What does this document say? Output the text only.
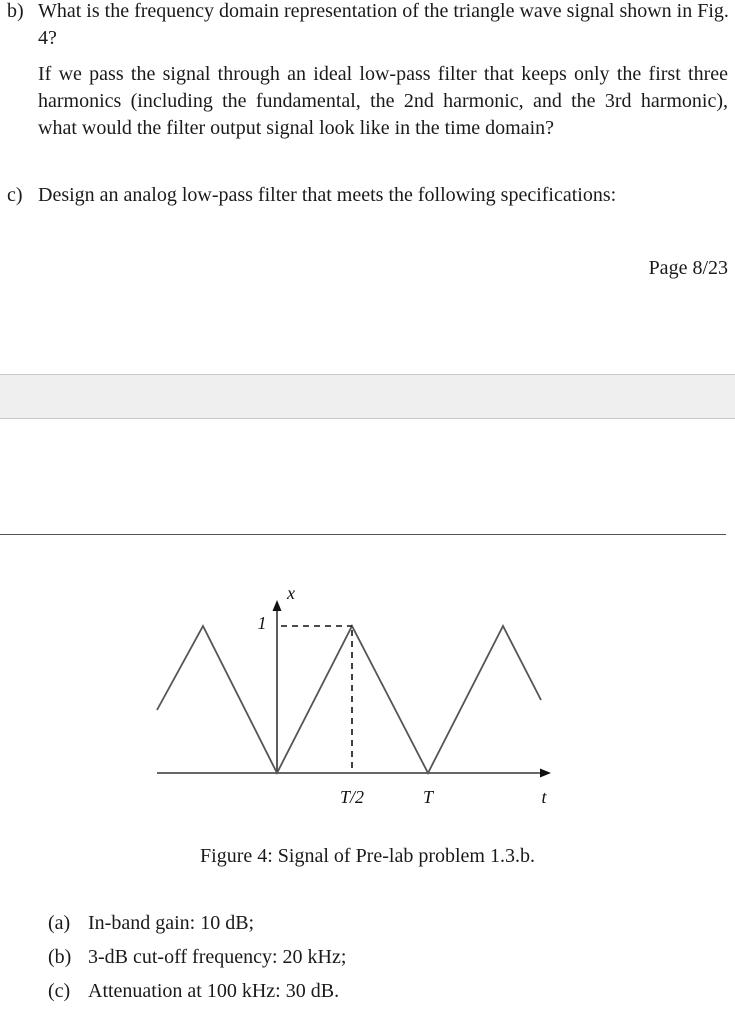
b) What is the frequency domain representation of the triangle wave signal shown in Fig. 4?
If we pass the signal through an ideal low-pass filter that keeps only the first three harmonics (including the fundamental, the 2nd harmonic, and the 3rd harmonic), what would the filter output signal look like in the time domain?
c) Design an analog low-pass filter that meets the following specifications:
Page 8/23
x
1
T/2	T	t
Figure 4: Signal of Pre-lab problem 1.3.b.
(a) In-band gain: 10 dB;
(b) 3-dB cut-off frequency: 20 kHz;
(c) Attenuation at 100 kHz: 30 dB.
